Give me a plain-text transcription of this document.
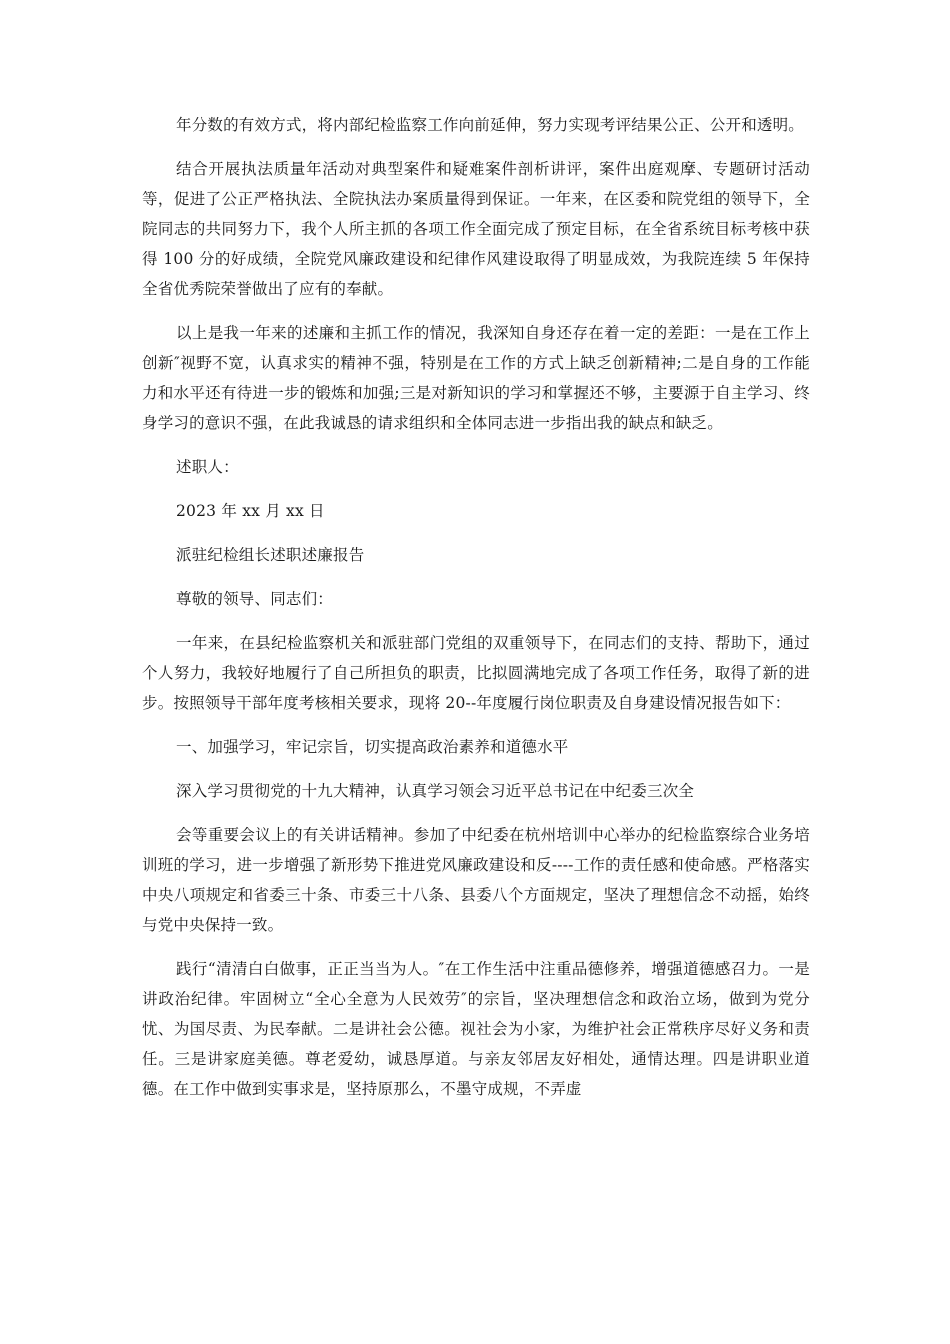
年分数的有效方式，将内部纪检监察工作向前延伸，努力实现考评结果公正、公开和透明。

结合开展执法质量年活动对典型案件和疑难案件剖析讲评，案件出庭观摩、专题研讨活动等，促进了公正严格执法、全院执法办案质量得到保证。一年来，在区委和院党组的领导下，全院同志的共同努力下，我个人所主抓的各项工作全面完成了预定目标，在全省系统目标考核中获得 100 分的好成绩，全院党风廉政建设和纪律作风建设取得了明显成效，为我院连续 5 年保持全省优秀院荣誉做出了应有的奉献。

以上是我一年来的述廉和主抓工作的情况，我深知自身还存在着一定的差距：一是在工作上创新″视野不宽，认真求实的精神不强，特别是在工作的方式上缺乏创新精神;二是自身的工作能力和水平还有待进一步的锻炼和加强;三是对新知识的学习和掌握还不够，主要源于自主学习、终身学习的意识不强，在此我诚恳的请求组织和全体同志进一步指出我的缺点和缺乏。

述职人：

2023 年 xx 月 xx 日

派驻纪检组长述职述廉报告

尊敬的领导、同志们：

一年来，在县纪检监察机关和派驻部门党组的双重领导下，在同志们的支持、帮助下，通过个人努力，我较好地履行了自己所担负的职责，比拟圆满地完成了各项工作任务，取得了新的进步。按照领导干部年度考核相关要求，现将 20--年度履行岗位职责及自身建设情况报告如下：

一、加强学习，牢记宗旨，切实提高政治素养和道德水平

深入学习贯彻党的十九大精神，认真学习领会习近平总书记在中纪委三次全

会等重要会议上的有关讲话精神。参加了中纪委在杭州培训中心举办的纪检监察综合业务培训班的学习，进一步增强了新形势下推进党风廉政建设和反----工作的责任感和使命感。严格落实中央八项规定和省委三十条、市委三十八条、县委八个方面规定，坚决了理想信念不动摇，始终与党中央保持一致。

践行“清清白白做事，正正当当为人。″在工作生活中注重品德修养，增强道德感召力。一是讲政治纪律。牢固树立“全心全意为人民效劳″的宗旨，坚决理想信念和政治立场，做到为党分忧、为国尽责、为民奉献。二是讲社会公德。视社会为小家，为维护社会正常秩序尽好义务和责任。三是讲家庭美德。尊老爱幼，诚恳厚道。与亲友邻居友好相处，通情达理。四是讲职业道德。在工作中做到实事求是，坚持原那么，不墨守成规，不弄虚
